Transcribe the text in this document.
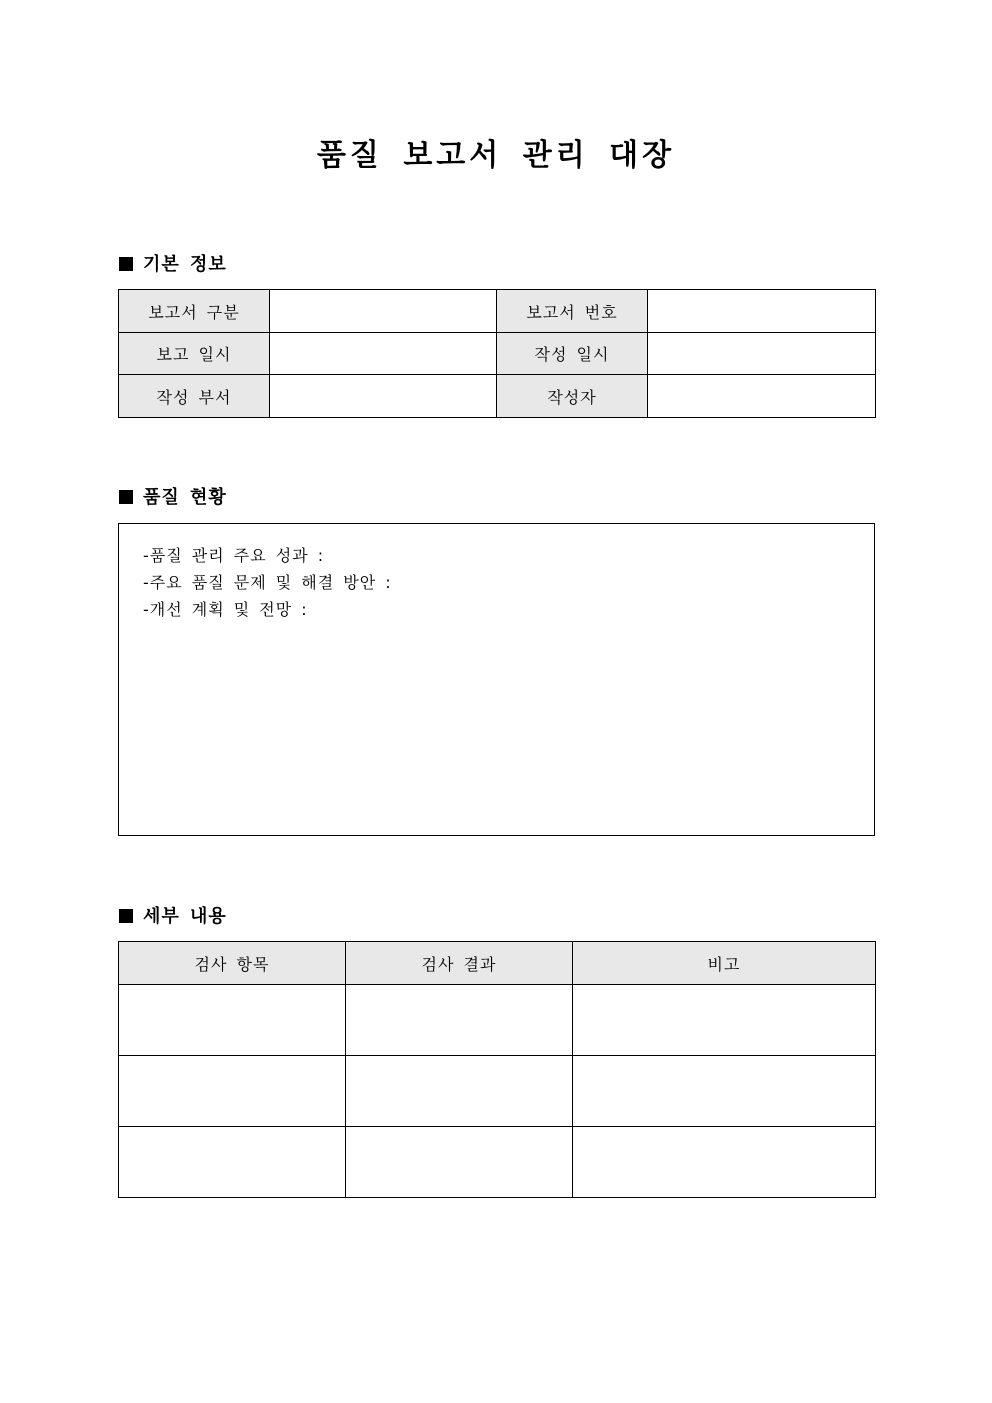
품질 보고서 관리 대장
기본 정보
보고서 구분		보고서 번호	
보고 일시		작성 일시	
작성 부서		작성자	
품질 현황
-품질 관리 주요 성과 :
-주요 품질 문제 및 해결 방안 :
-개선 계획 및 전망 :
세부 내용
검사 항목	검사 결과	비고
